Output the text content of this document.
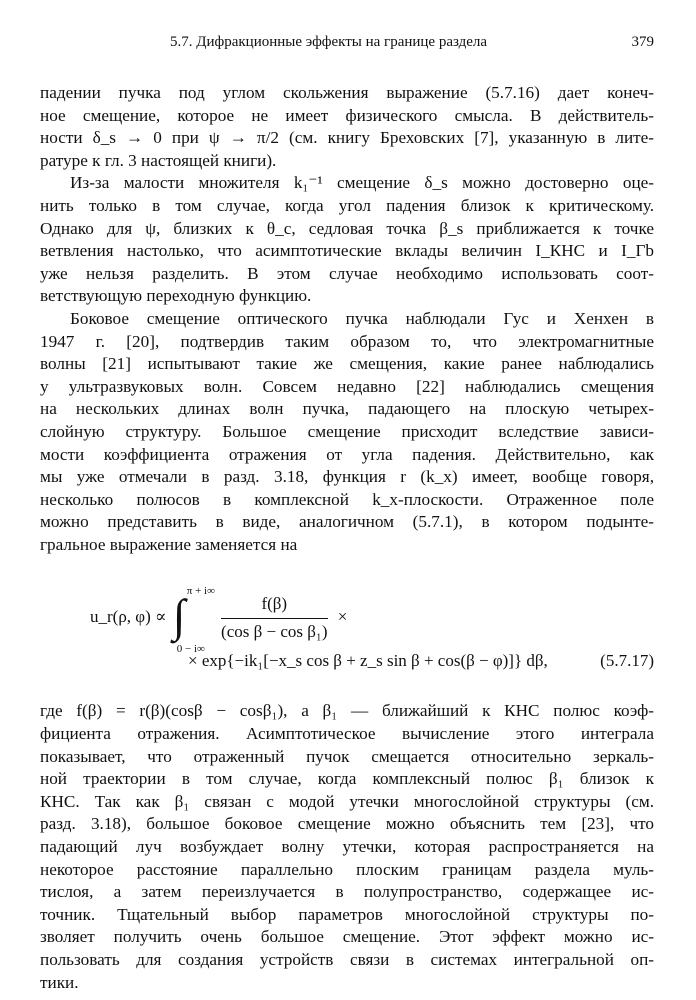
5.7. Дифракционные эффекты на границе раздела	379
падении пучка под углом скольжения выражение (5.7.16) дает конеч-
ное смещение, которое не имеет физического смысла. В действитель-
ности δ_s → 0 при ψ → π/2 (см. книгу Бреховских [7], указанную в лите-
ратуре к гл. 3 настоящей книги).
Из-за малости множителя k₁⁻¹ смещение δ_s можно достоверно оце-
нить только в том случае, когда угол падения близок к критическому.
Однако для ψ, близких к θ_c, седловая точка β_s приближается к точке
ветвления настолько, что асимптотические вклады величин I_КНС и I_Γb
уже нельзя разделить. В этом случае необходимо использовать соот-
ветствующую переходную функцию.
Боковое смещение оптического пучка наблюдали Гус и Хенхен в
1947 г. [20], подтвердив таким образом то, что электромагнитные
волны [21] испытывают такие же смещения, какие ранее наблюдались
у ультразвуковых волн. Совсем недавно [22] наблюдались смещения
на нескольких длинах волн пучка, падающего на плоскую четырех-
слойную структуру. Большое смещение присходит вследствие зависи-
мости коэффициента отражения от угла падения. Действительно, как
мы уже отмечали в разд. 3.18, функция r (k_x) имеет, вообще говоря,
несколько полюсов в комплексной k_x-плоскости. Отраженное поле
можно представить в виде, аналогичном (5.7.1), в котором подынте-
гральное выражение заменяется на
u_r(ρ, φ) ∝ ∫ π + i∞
0 − i∞

$\frac{f(\beta)}{\text{(cos β − cos β₁)}}$ ×
× exp{−ik₁[−x_s cos β + z_s sin β + cos(β − φ)]} dβ,	(5.7.17)
где f(β) = r(β)(cosβ − cosβ₁), а β₁ — ближайший к КНС полюс коэф-
фициента отражения. Асимптотическое вычисление этого интеграла
показывает, что отраженный пучок смещается относительно зеркаль-
ной траектории в том случае, когда комплексный полюс β₁ близок к
КНС. Так как β₁ связан с модой утечки многослойной структуры (см.
разд. 3.18), большое боковое смещение можно объяснить тем [23], что
падающий луч возбуждает волну утечки, которая распространяется на
некоторое расстояние параллельно плоским границам раздела муль-
тислоя, а затем переизлучается в полупространство, содержащее ис-
точник. Тщательный выбор параметров многослойной структуры по-
зволяет получить очень большое смещение. Этот эффект можно ис-
пользовать для создания устройств связи в системах интегральной оп-
тики.
